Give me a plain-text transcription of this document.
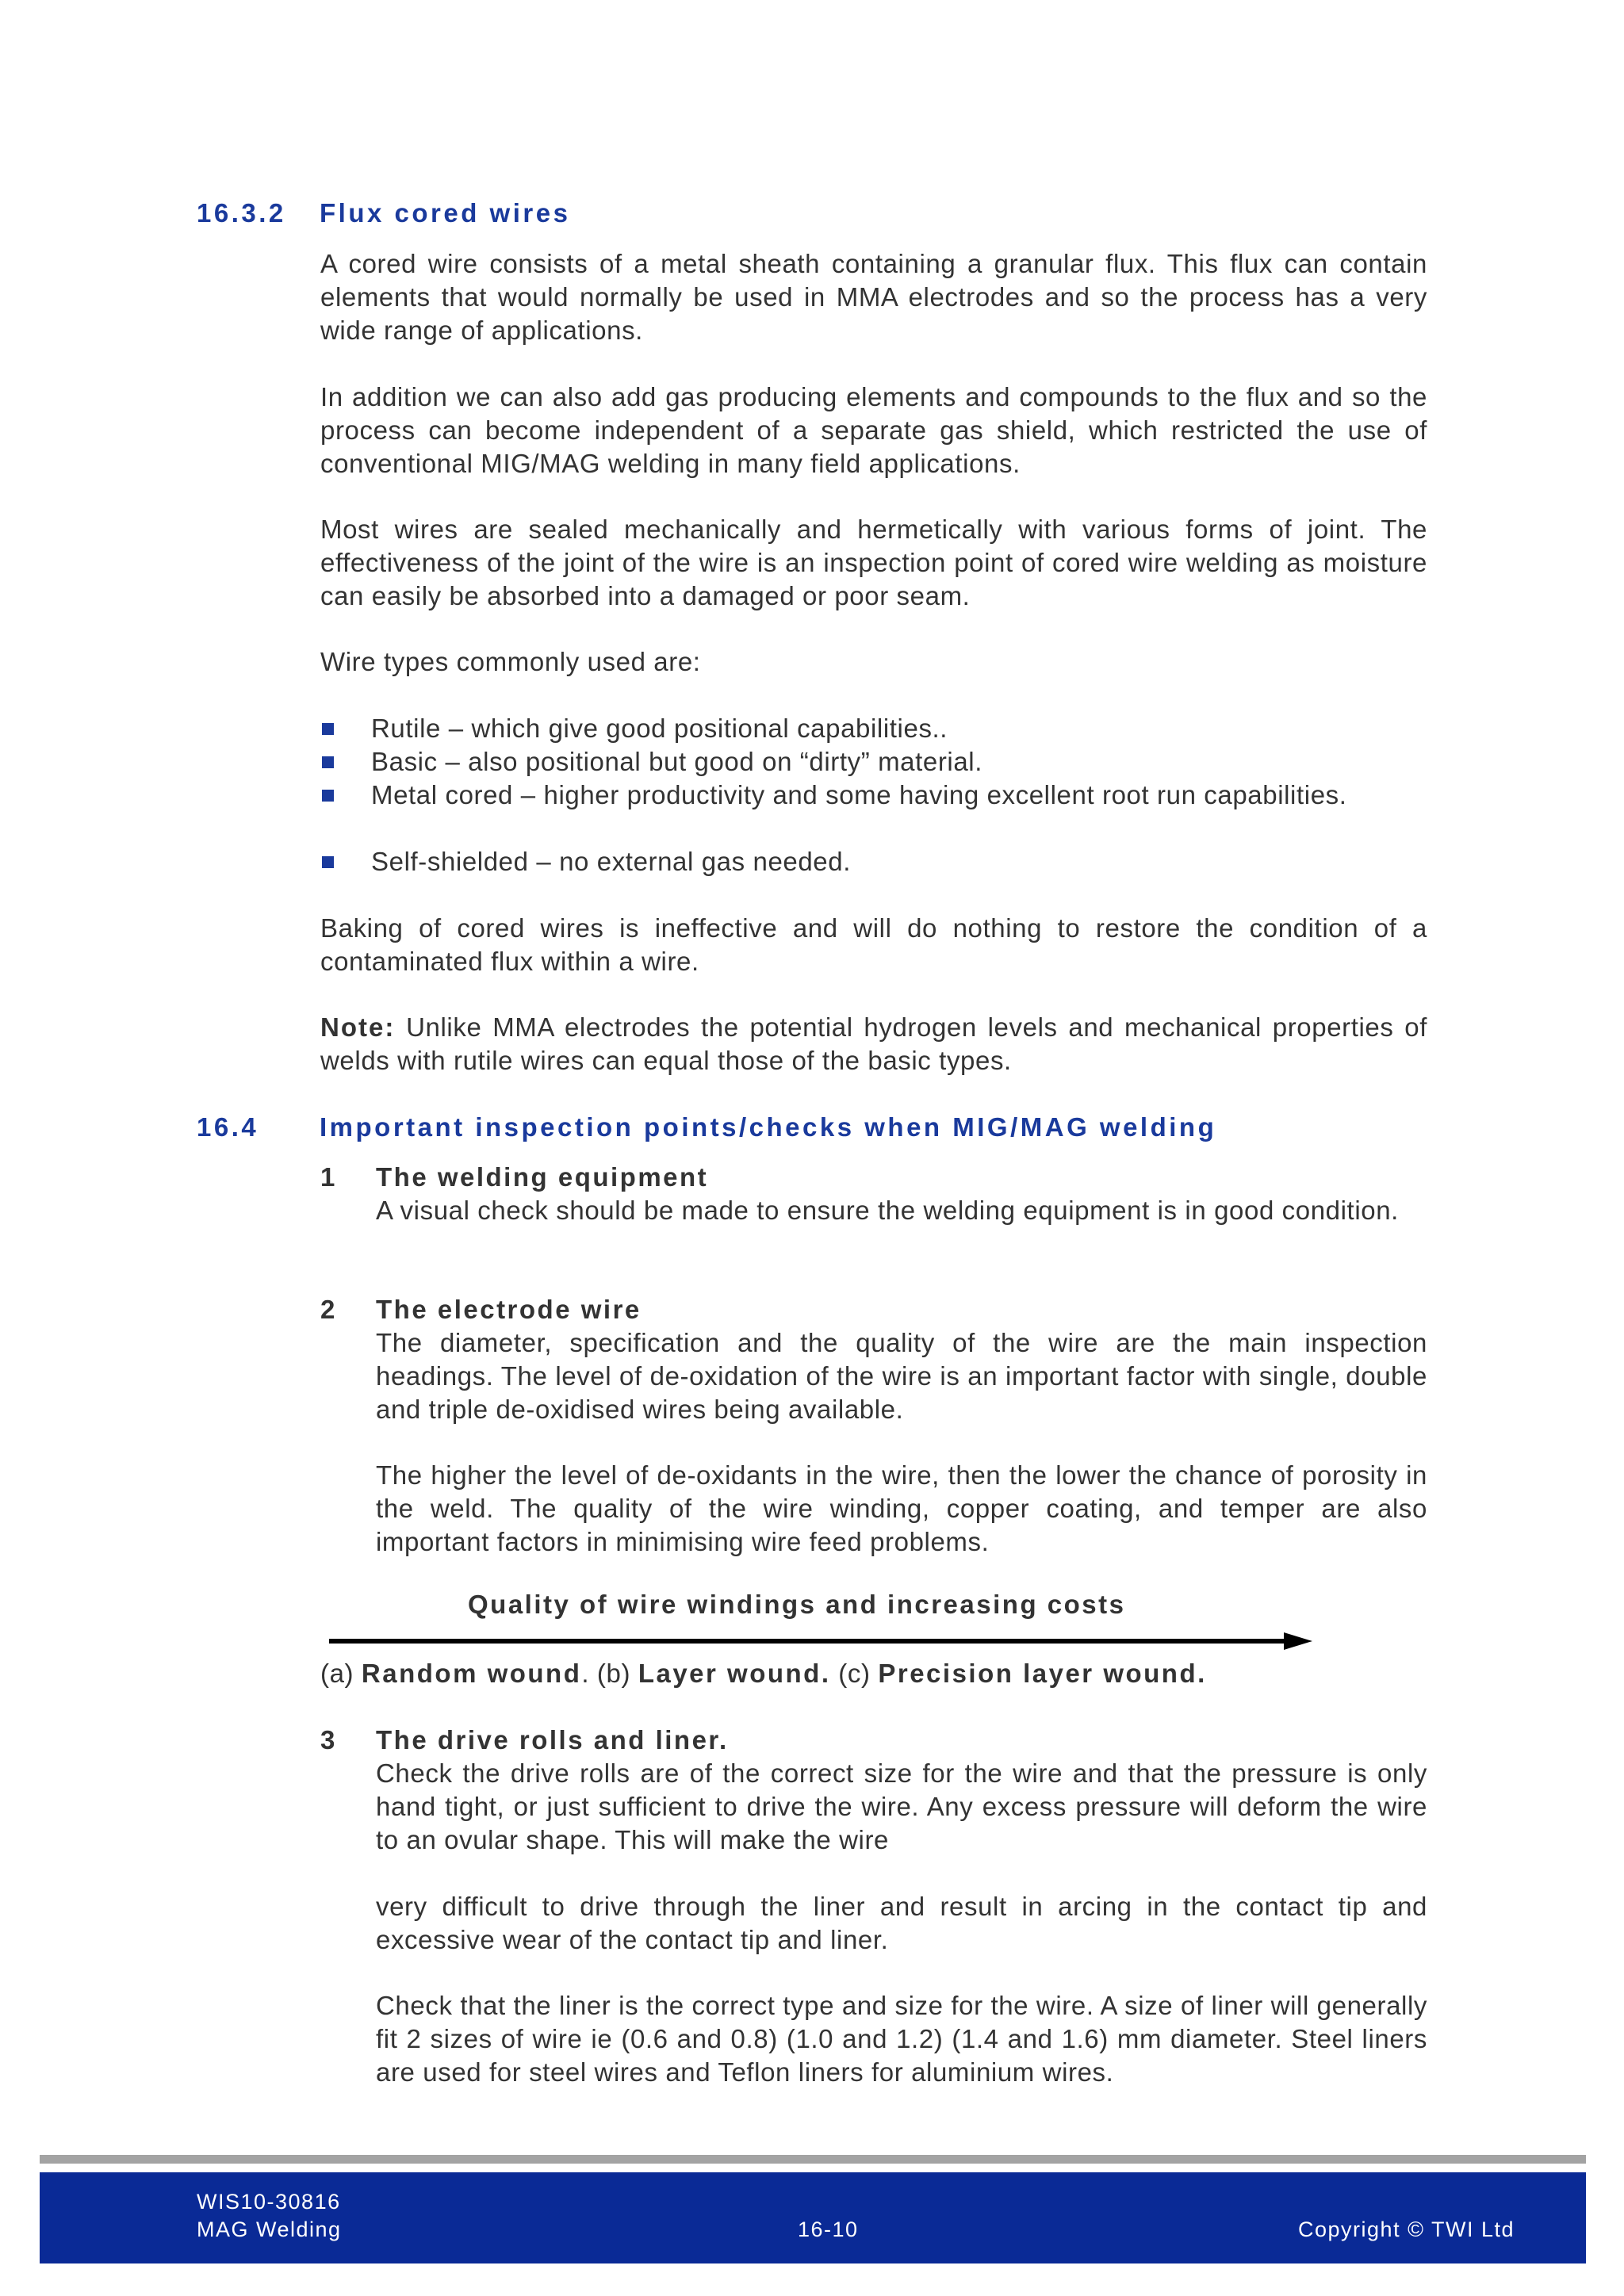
16.3.2 Flux cored wires
A cored wire consists of a metal sheath containing a granular flux. This flux can contain elements that would normally be used in MMA electrodes and so the process has a very wide range of applications.
In addition we can also add gas producing elements and compounds to the flux and so the process can become independent of a separate gas shield, which restricted the use of conventional MIG/MAG welding in many field applications.
Most wires are sealed mechanically and hermetically with various forms of joint. The effectiveness of the joint of the wire is an inspection point of cored wire welding as moisture can easily be absorbed into a damaged or poor seam.
Wire types commonly used are:
Rutile – which give good positional capabilities..
Basic – also positional but good on “dirty” material.
Metal cored – higher productivity and some having excellent root run capabilities.
Self-shielded – no external gas needed.
Baking of cored wires is ineffective and will do nothing to restore the condition of a contaminated flux within a wire.
Note: Unlike MMA electrodes the potential hydrogen levels and mechanical properties of welds with rutile wires can equal those of the basic types.
16.4 Important inspection points/checks when MIG/MAG welding
1 The welding equipment
A visual check should be made to ensure the welding equipment is in good condition.
2 The electrode wire
The diameter, specification and the quality of the wire are the main inspection headings. The level of de-oxidation of the wire is an important factor with single, double and triple de-oxidised wires being available.
The higher the level of de-oxidants in the wire, then the lower the chance of porosity in the weld. The quality of the wire winding, copper coating, and temper are also important factors in minimising wire feed problems.
Quality of wire windings and increasing costs
(a) Random wound. (b) Layer wound. (c) Precision layer wound.
3 The drive rolls and liner.
Check the drive rolls are of the correct size for the wire and that the pressure is only hand tight, or just sufficient to drive the wire. Any excess pressure will deform the wire to an ovular shape. This will make the wire
very difficult to drive through the liner and result in arcing in the contact tip and excessive wear of the contact tip and liner.
Check that the liner is the correct type and size for the wire. A size of liner will generally fit 2 sizes of wire ie (0.6 and 0.8) (1.0 and 1.2) (1.4 and 1.6) mm diameter. Steel liners are used for steel wires and Teflon liners for aluminium wires.
WIS10-30816
MAG Welding	16-10	Copyright © TWI Ltd
